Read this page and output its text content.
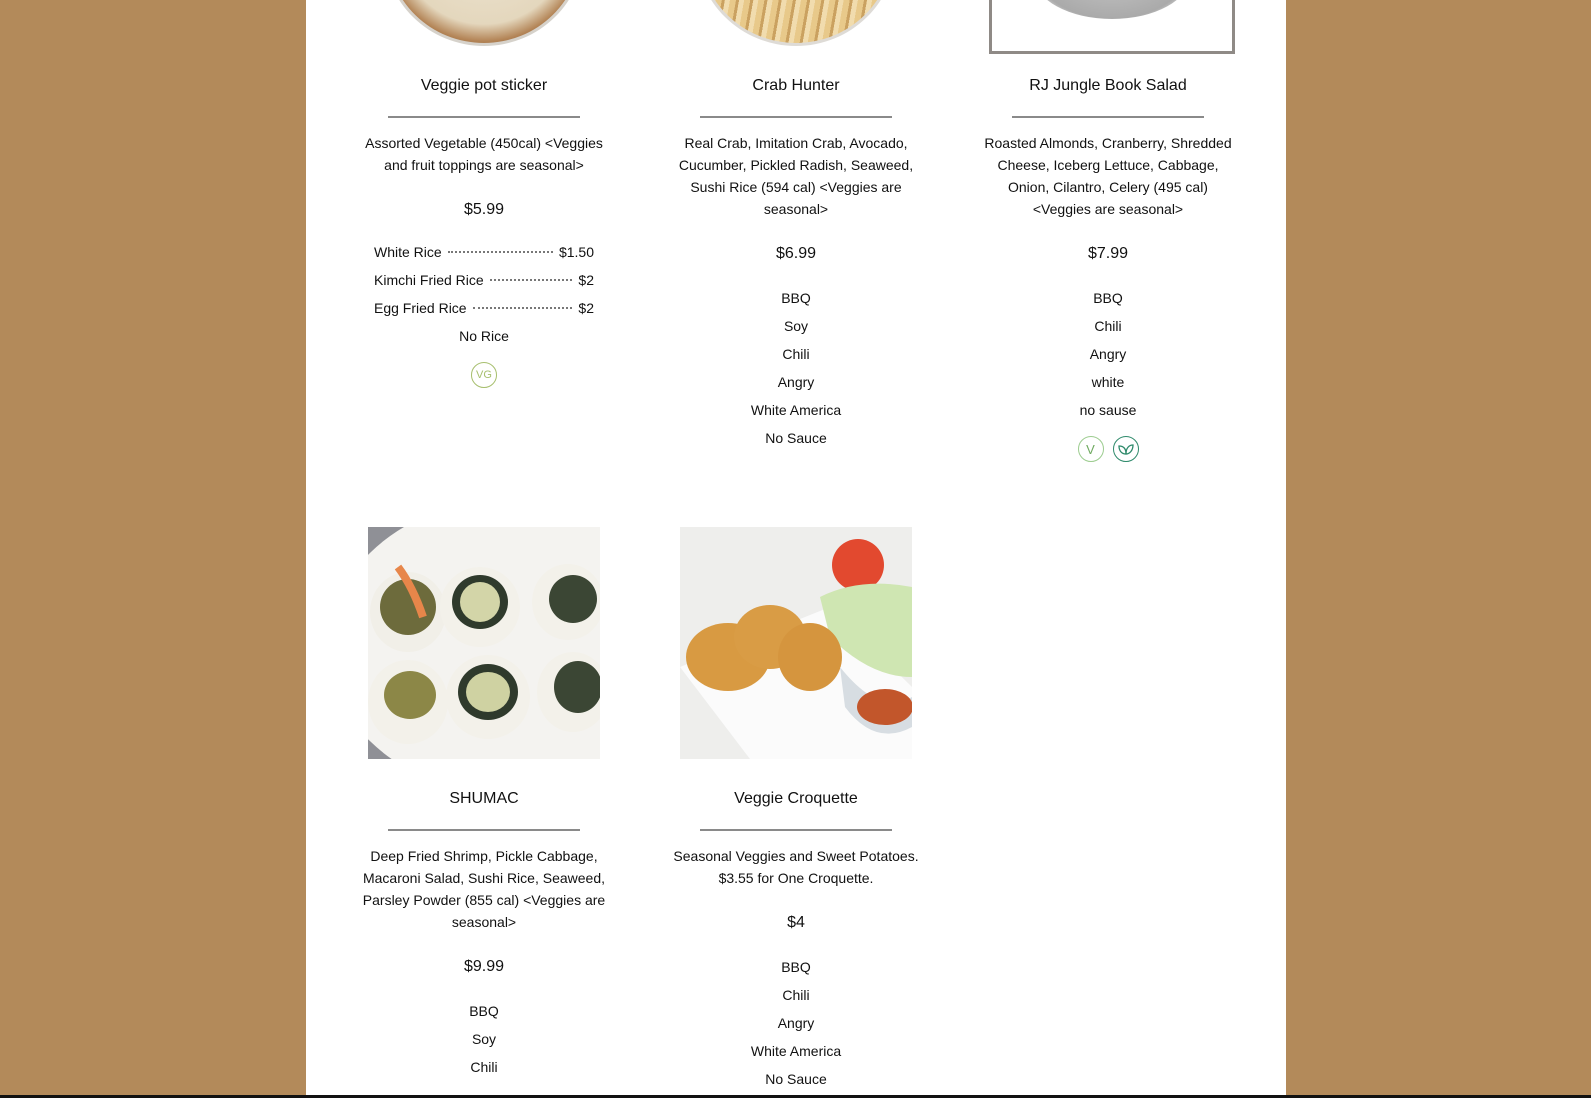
Veggie pot sticker

Assorted Vegetable (450cal) <Veggies and fruit toppings are seasonal>

$5.99

White Rice	$1.50
Kimchi Fried Rice	$2
Egg Fried Rice	$2
No Rice
VG

Crab Hunter

Real Crab, Imitation Crab, Avocado, Cucumber, Pickled Radish, Seaweed, Sushi Rice (594 cal) <Veggies are seasonal>

$6.99

BBQ
Soy
Chili
Angry
White America
No Sauce

RJ Jungle Book Salad

Roasted Almonds, Cranberry, Shredded Cheese, Iceberg Lettuce, Cabbage, Onion, Cilantro, Celery (495 cal) <Veggies are seasonal>

$7.99

BBQ
Chili
Angry
white
no sause
V

SHUMAC

Deep Fried Shrimp, Pickle Cabbage, Macaroni Salad, Sushi Rice, Seaweed, Parsley Powder (855 cal) <Veggies are seasonal>

$9.99

BBQ
Soy
Chili

Veggie Croquette

Seasonal Veggies and Sweet Potatoes. $3.55 for One Croquette.

$4

BBQ
Chili
Angry
White America
No Sauce
